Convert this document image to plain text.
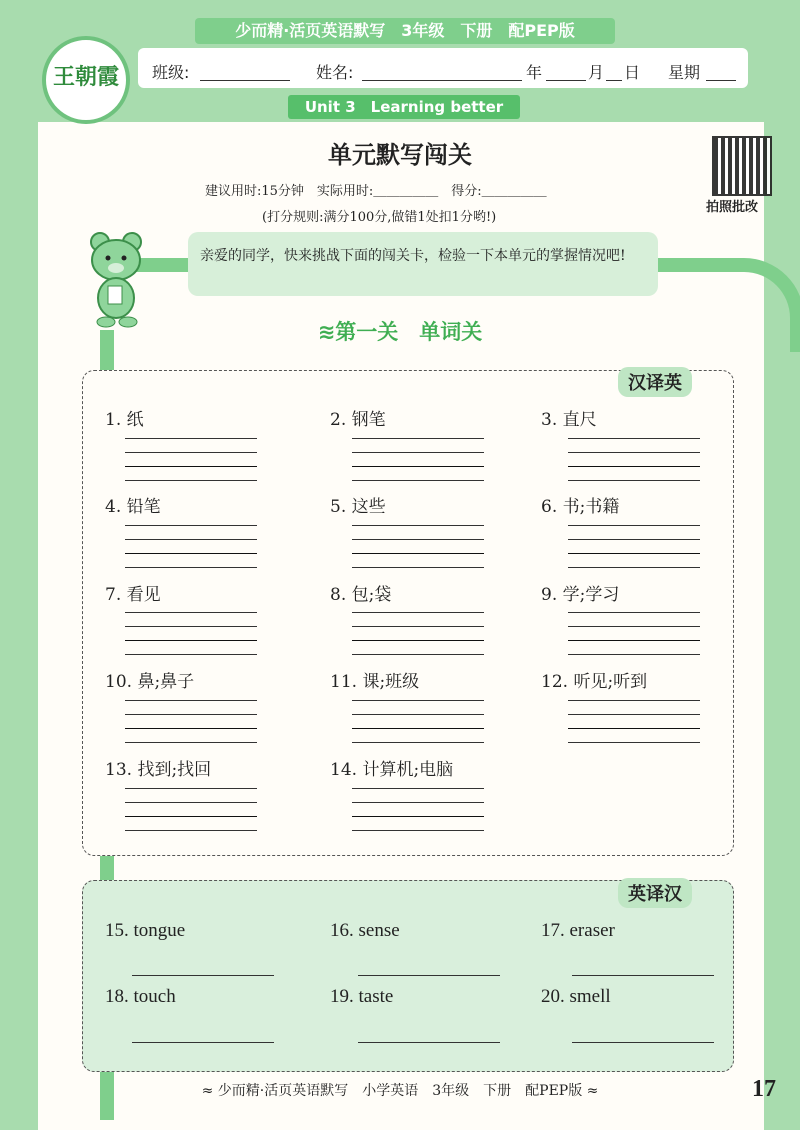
王朝霞
少而精·活页英语默写　3年级　下册　配PEP版
班级:	姓名:	年	月 日 星期
Unit 3　Learning better
单元默写闯关
建议用时:15分钟　实际用时:＿＿＿＿＿　得分:＿＿＿＿＿
(打分规则:满分100分,做错1处扣1分哟!)
拍照批改
亲爱的同学，快来挑战下面的闯关卡，检验一下本单元的掌握情况吧!
≋第一关　单词关
汉译英
1. 纸	2. 钢笔	3. 直尺
4. 铅笔	5. 这些	6. 书;书籍
7. 看见	8. 包;袋	9. 学;学习
10. 鼻;鼻子	11. 课;班级	12. 听见;听到
13. 找到;找回	14. 计算机;电脑
英译汉
15. tongue	16. sense	17. eraser
18. touch	19. taste	20. smell
≈ 少而精·活页英语默写　小学英语　3年级　下册　配PEP版 ≈	17
